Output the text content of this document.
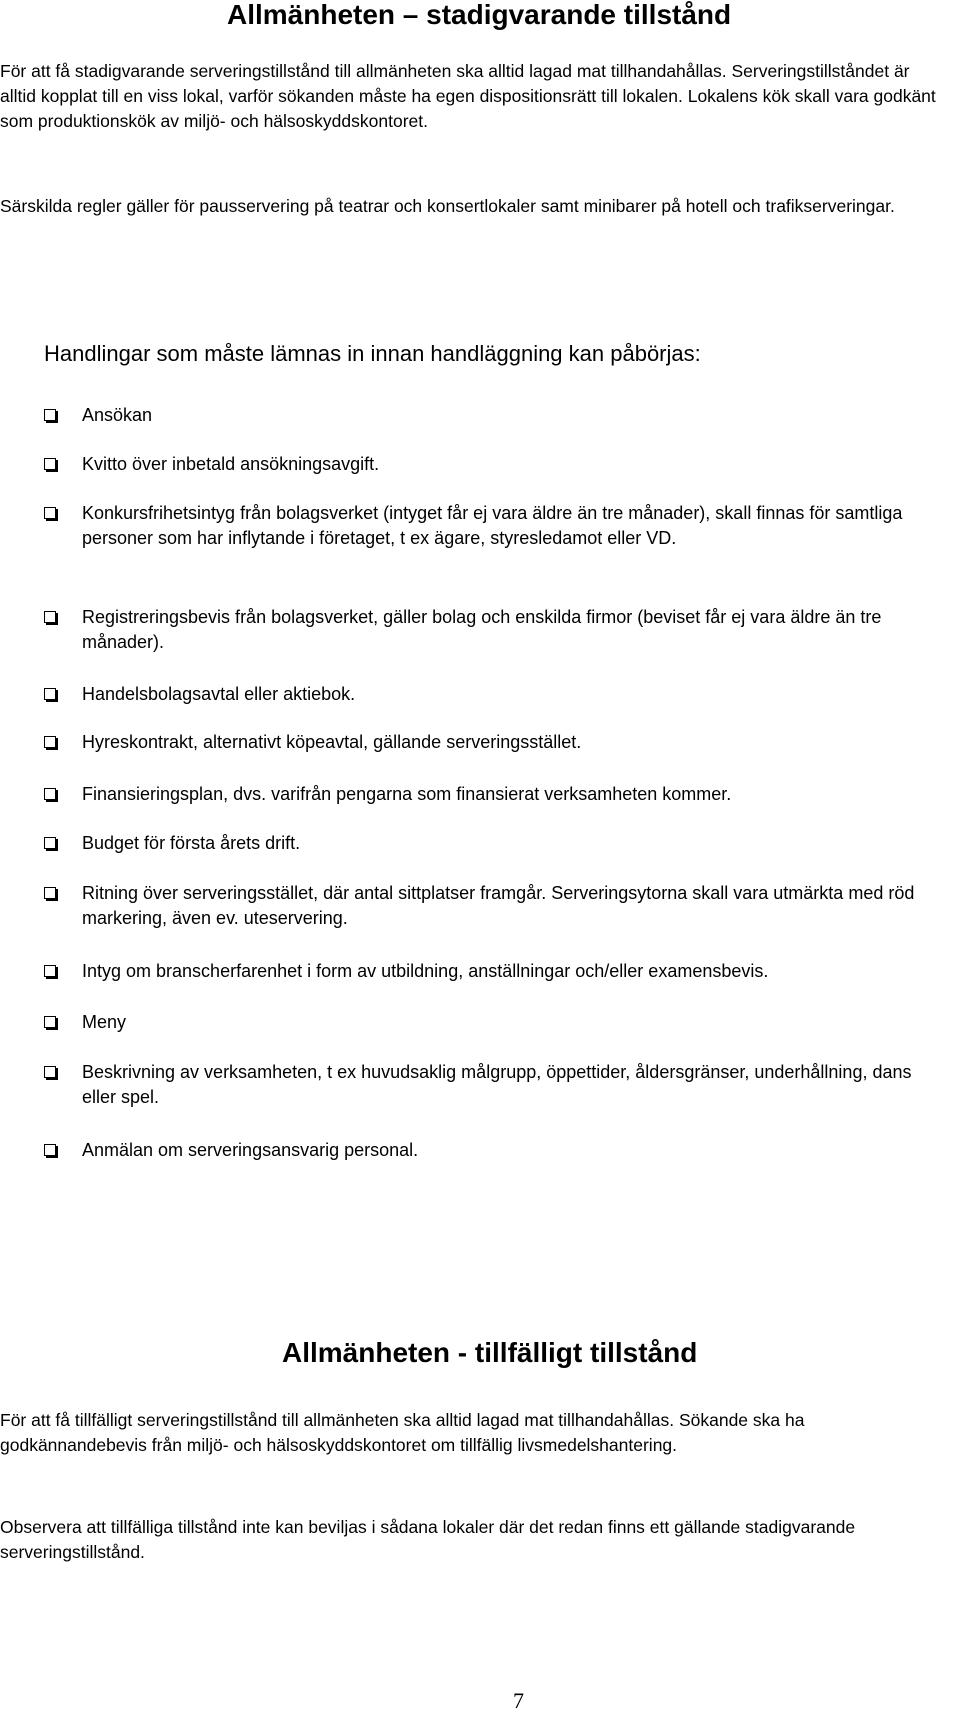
Allmänheten – stadigvarande tillstånd

För att få stadigvarande serveringstillstånd till allmänheten ska alltid lagad mat tillhandahållas. Serveringstillståndet är alltid kopplat till en viss lokal, varför sökanden måste ha egen dispositionsrätt till lokalen. Lokalens kök skall vara godkänt som produktionskök av miljö- och hälsoskyddskontoret.

Särskilda regler gäller för pausservering på teatrar och konsertlokaler samt minibarer på hotell och trafikserveringar.

Handlingar som måste lämnas in innan handläggning kan påbörjas:
Ansökan
Kvitto över inbetald ansökningsavgift.
Konkursfrihetsintyg från bolagsverket (intyget får ej vara äldre än tre månader), skall finnas för samtliga personer som har inflytande i företaget, t ex ägare, styresledamot eller VD.
Registreringsbevis från bolagsverket, gäller bolag och enskilda firmor (beviset får ej vara äldre än tre månader).
Handelsbolagsavtal eller aktiebok.
Hyreskontrakt, alternativt köpeavtal, gällande serveringsstället.
Finansieringsplan, dvs. varifrån pengarna som finansierat verksamheten kommer.
Budget för första årets drift.
Ritning över serveringsstället, där antal sittplatser framgår. Serveringsytorna skall vara utmärkta med röd markering, även ev. uteservering.
Intyg om branscherfarenhet i form av utbildning, anställningar och/eller examensbevis.
Meny
Beskrivning av verksamheten, t ex huvudsaklig målgrupp, öppettider, åldersgränser, underhållning, dans eller spel.
Anmälan om serveringsansvarig personal.
Allmänheten - tillfälligt tillstånd

För att få tillfälligt serveringstillstånd till allmänheten ska alltid lagad mat tillhandahållas. Sökande ska ha godkännandebevis från miljö- och hälsoskyddskontoret om tillfällig livsmedelshantering.

Observera att tillfälliga tillstånd inte kan beviljas i sådana lokaler där det redan finns ett gällande stadigvarande serveringstillstånd.

7
